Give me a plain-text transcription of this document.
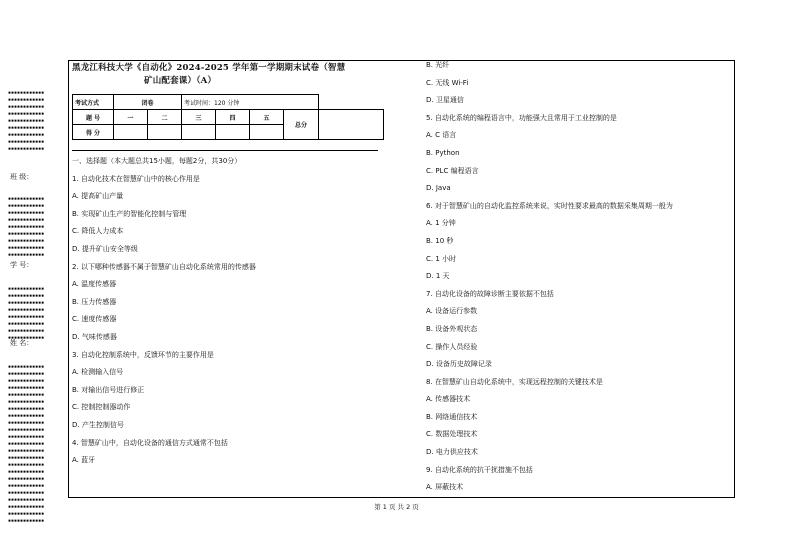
▪▪▪▪▪▪▪▪▪▪▪▪
▪▪▪▪▪▪▪▪▪▪▪▪
▪▪▪▪▪▪▪▪▪▪▪▪
▪▪▪▪▪▪▪▪▪▪▪▪
▪▪▪▪▪▪▪▪▪▪▪▪
▪▪▪▪▪▪▪▪▪▪▪▪
▪▪▪▪▪▪▪▪▪▪▪▪
▪▪▪▪▪▪▪▪▪▪▪▪
▪▪▪▪▪▪▪▪▪▪▪▪
班 级：
▪▪▪▪▪▪▪▪▪▪▪▪
▪▪▪▪▪▪▪▪▪▪▪▪
▪▪▪▪▪▪▪▪▪▪▪▪
▪▪▪▪▪▪▪▪▪▪▪▪
▪▪▪▪▪▪▪▪▪▪▪▪
▪▪▪▪▪▪▪▪▪▪▪▪
▪▪▪▪▪▪▪▪▪▪▪▪
▪▪▪▪▪▪▪▪▪▪▪▪
▪▪▪▪▪▪▪▪▪▪▪▪
学 号：
▪▪▪▪▪▪▪▪▪▪▪▪
▪▪▪▪▪▪▪▪▪▪▪▪
▪▪▪▪▪▪▪▪▪▪▪▪
▪▪▪▪▪▪▪▪▪▪▪▪
▪▪▪▪▪▪▪▪▪▪▪▪
▪▪▪▪▪▪▪▪▪▪▪▪
▪▪▪▪▪▪▪▪▪▪▪▪
▪▪▪▪▪▪▪▪▪▪▪▪
姓 名：
▪▪▪▪▪▪▪▪▪▪▪▪
▪▪▪▪▪▪▪▪▪▪▪▪
▪▪▪▪▪▪▪▪▪▪▪▪
▪▪▪▪▪▪▪▪▪▪▪▪
▪▪▪▪▪▪▪▪▪▪▪▪
▪▪▪▪▪▪▪▪▪▪▪▪
▪▪▪▪▪▪▪▪▪▪▪▪
▪▪▪▪▪▪▪▪▪▪▪▪
▪▪▪▪▪▪▪▪▪▪▪▪
▪▪▪▪▪▪▪▪▪▪▪▪
▪▪▪▪▪▪▪▪▪▪▪▪
▪▪▪▪▪▪▪▪▪▪▪▪
▪▪▪▪▪▪▪▪▪▪▪▪
▪▪▪▪▪▪▪▪▪▪▪▪
▪▪▪▪▪▪▪▪▪▪▪▪
▪▪▪▪▪▪▪▪▪▪▪▪
▪▪▪▪▪▪▪▪▪▪▪▪
▪▪▪▪▪▪▪▪▪▪▪▪
▪▪▪▪▪▪▪▪▪▪▪▪
▪▪▪▪▪▪▪▪▪▪▪▪
▪▪▪▪▪▪▪▪▪▪▪▪
▪▪▪▪▪▪▪▪▪▪▪▪
▪▪▪▪▪▪▪▪▪▪▪▪
黑龙江科技大学《自动化》2024-2025 学年第一学期期末试卷（智慧
矿山配套课）（A）
考试方式	闭卷		考试时间：120 分钟				
题 号	一	二	三	四	五	总分	
得 分							
一、选择题（本大题总共15小题，每题2分，共30分）
1. 自动化技术在智慧矿山中的核心作用是
A. 提高矿山产量
B. 实现矿山生产的智能化控制与管理
C. 降低人力成本
D. 提升矿山安全等级
2. 以下哪种传感器不属于智慧矿山自动化系统常用的传感器
A. 温度传感器
B. 压力传感器
C. 速度传感器
D. 气味传感器
3. 自动化控制系统中，反馈环节的主要作用是
A. 检测输入信号
B. 对输出信号进行修正
C. 控制控制器动作
D. 产生控制信号
4. 智慧矿山中，自动化设备的通信方式通常不包括
A. 蓝牙
B. 光纤
C. 无线 Wi-Fi
D. 卫星通信
5. 自动化系统的编程语言中，功能强大且常用于工业控制的是
A. C 语言
B. Python
C. PLC 编程语言
D. Java
6. 对于智慧矿山的自动化监控系统来说，实时性要求最高的数据采集周期一般为
A. 1 分钟
B. 10 秒
C. 1 小时
D. 1 天
7. 自动化设备的故障诊断主要依据不包括
A. 设备运行参数
B. 设备外观状态
C. 操作人员经验
D. 设备历史故障记录
8. 在智慧矿山自动化系统中，实现远程控制的关键技术是
A. 传感器技术
B. 网络通信技术
C. 数据处理技术
D. 电力供应技术
9. 自动化系统的抗干扰措施不包括
A. 屏蔽技术
第 1 页 共 2 页
